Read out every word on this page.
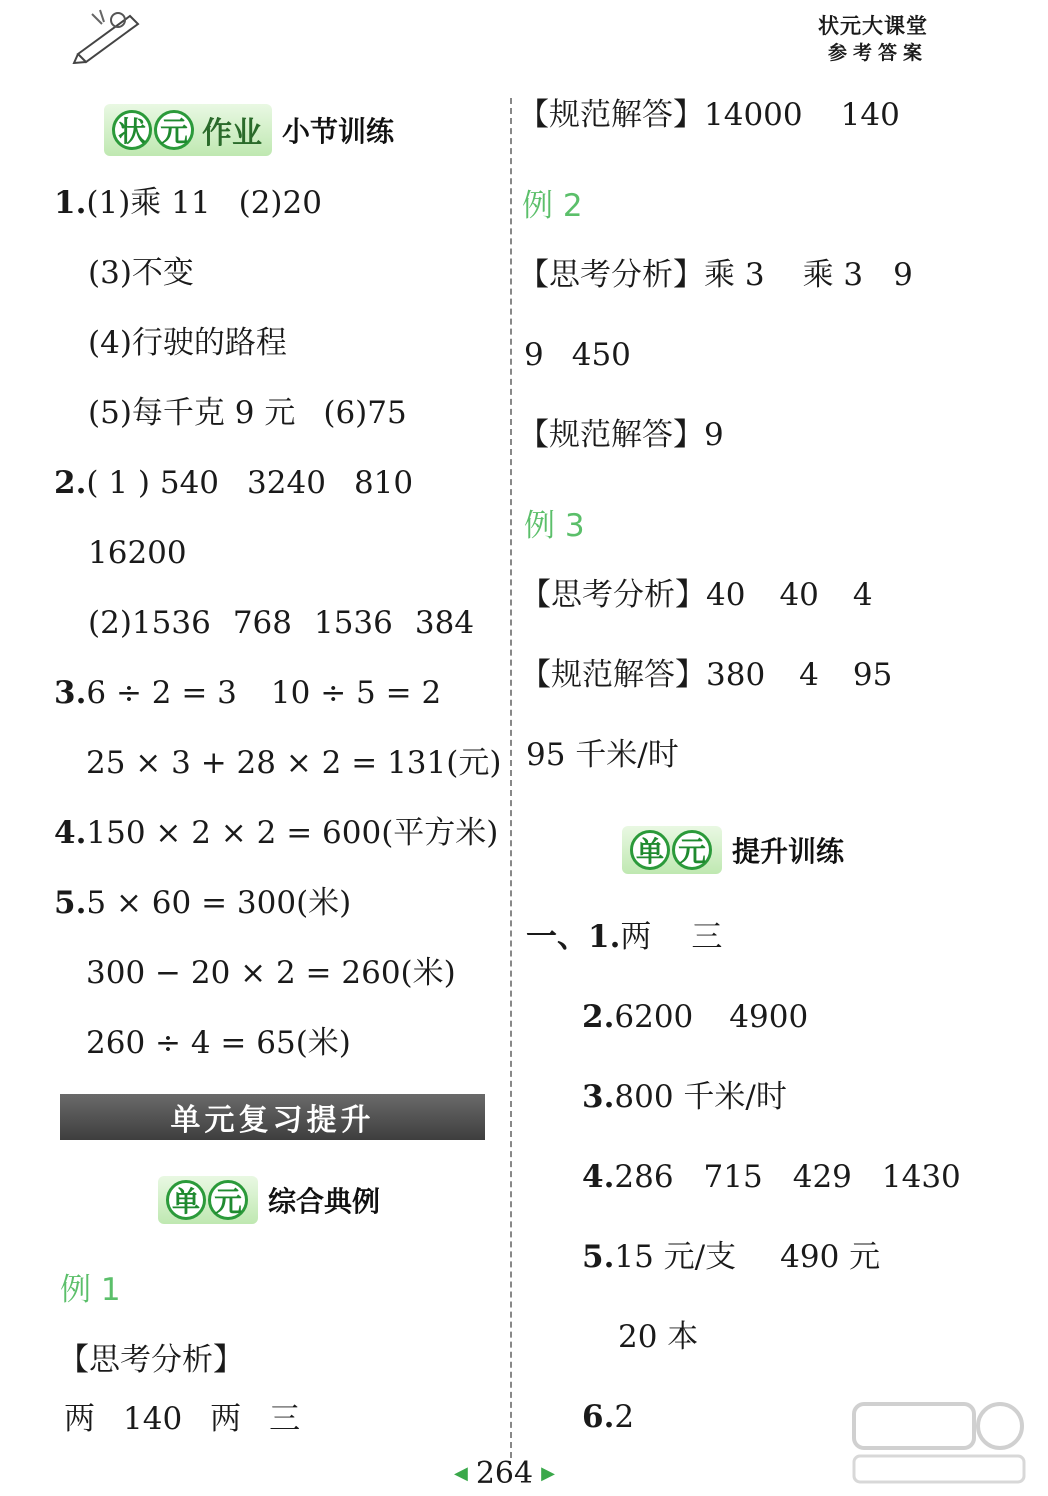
状元大课堂
参考答案
状 元 作业 小节训练
1.(1)乘 11 (2)20
(3)不变
(4)行驶的路程
(5)每千克 9 元 (6)75
2.( 1 ) 540 3240 810
16200
(2)1536 768 1536 384
3.6 ÷ 2 = 3 10 ÷ 5 = 2
25 × 3 + 28 × 2 = 131(元)
4.150 × 2 × 2 = 600(平方米)
5.5 × 60 = 300(米)
300 − 20 × 2 = 260(米)
260 ÷ 4 = 65(米)
单元复习提升
单 元 综合典例
例 1
【思考分析】
两 140 两 三
【规范解答】14000 140
例 2
【思考分析】乘 3 乘 3 9
9 450
【规范解答】9
例 3
【思考分析】40 40 4
【规范解答】380 4 95
95 千米/时
单 元 提升训练
一、1.两 三
2.6200 4900
3.800 千米/时
4.286 715 429 1430
5.15 元/支 490 元
20 本
6.2
◀ 264 ▶
